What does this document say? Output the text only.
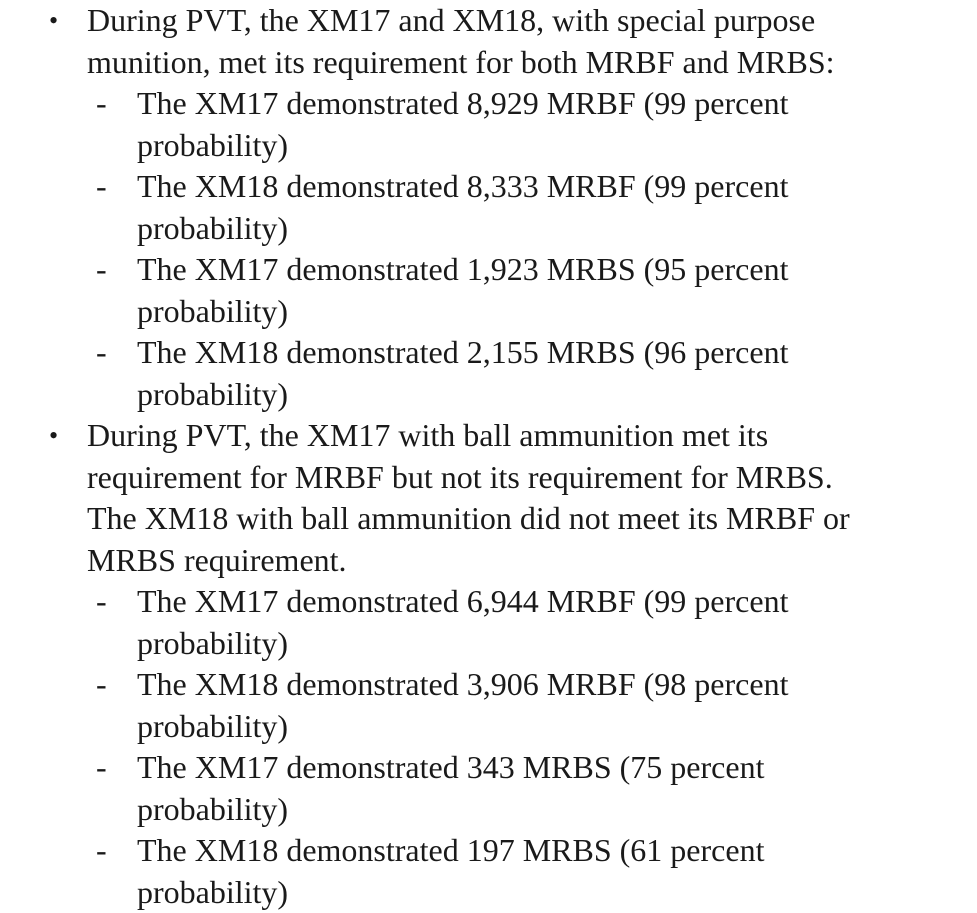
• During PVT, the XM17 and XM18, with special purpose
munition, met its requirement for both MRBF and MRBS:
- The XM17 demonstrated 8,929 MRBF (99 percent
probability)
- The XM18 demonstrated 8,333 MRBF (99 percent
probability)
- The XM17 demonstrated 1,923 MRBS (95 percent
probability)
- The XM18 demonstrated 2,155 MRBS (96 percent
probability)
• During PVT, the XM17 with ball ammunition met its
requirement for MRBF but not its requirement for MRBS.
The XM18 with ball ammunition did not meet its MRBF or
MRBS requirement.
- The XM17 demonstrated 6,944 MRBF (99 percent
probability)
- The XM18 demonstrated 3,906 MRBF (98 percent
probability)
- The XM17 demonstrated 343 MRBS (75 percent
probability)
- The XM18 demonstrated 197 MRBS (61 percent
probability)
